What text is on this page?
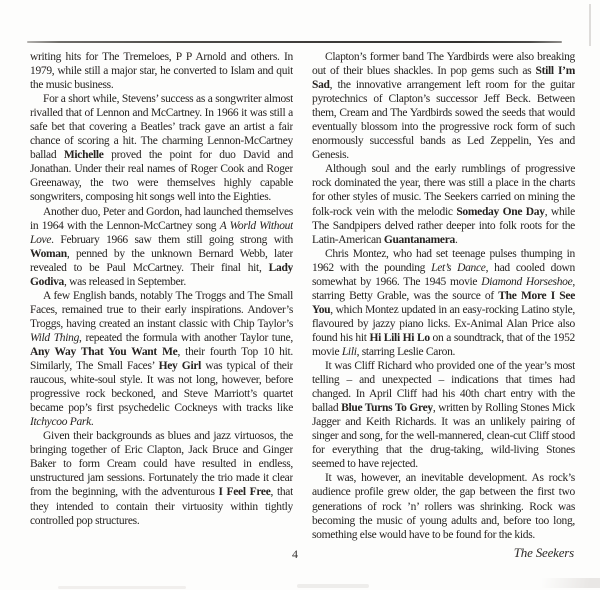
writing hits for The Tremeloes, P P Arnold and others. In 1979, while still a major star, he converted to Islam and quit the music business.

For a short while, Stevens’ success as a songwriter almost rivalled that of Lennon and McCartney. In 1966 it was still a safe bet that covering a Beatles’ track gave an artist a fair chance of scoring a hit. The charming Lennon-McCartney ballad Michelle proved the point for duo David and Jonathan. Under their real names of Roger Cook and Roger Greenaway, the two were themselves highly capable songwriters, composing hit songs well into the Eighties.

Another duo, Peter and Gordon, had launched themselves in 1964 with the Lennon-McCartney song A World Without Love. February 1966 saw them still going strong with Woman, penned by the unknown Bernard Webb, later revealed to be Paul McCartney. Their final hit, Lady Godiva, was released in September.

A few English bands, notably The Troggs and The Small Faces, remained true to their early inspirations. Andover’s Troggs, having created an instant classic with Chip Taylor’s Wild Thing, repeated the formula with another Taylor tune, Any Way That You Want Me, their fourth Top 10 hit. Similarly, The Small Faces’ Hey Girl was typical of their raucous, white-soul style. It was not long, however, before progressive rock beckoned, and Steve Marriott’s quartet became pop’s first psychedelic Cockneys with tracks like Itchycoo Park.

Given their backgrounds as blues and jazz virtuosos, the bringing together of Eric Clapton, Jack Bruce and Ginger Baker to form Cream could have resulted in endless, unstructured jam sessions. Fortunately the trio made it clear from the beginning, with the adventurous I Feel Free, that they intended to contain their virtuosity within tightly controlled pop structures.

Clapton’s former band The Yardbirds were also breaking out of their blues shackles. In pop gems such as Still I’m Sad, the innovative arrangement left room for the guitar pyrotechnics of Clapton’s successor Jeff Beck. Between them, Cream and The Yardbirds sowed the seeds that would eventually blossom into the progressive rock form of such enormously successful bands as Led Zeppelin, Yes and Genesis.

Although soul and the early rumblings of progressive rock dominated the year, there was still a place in the charts for other styles of music. The Seekers carried on mining the folk-rock vein with the melodic Someday One Day, while The Sandpipers delved rather deeper into folk roots for the Latin-American Guantanamera.

Chris Montez, who had set teenage pulses thumping in 1962 with the pounding Let’s Dance, had cooled down somewhat by 1966. The 1945 movie Diamond Horseshoe, starring Betty Grable, was the source of The More I See You, which Montez updated in an easy-rocking Latino style, flavoured by jazzy piano licks. Ex-Animal Alan Price also found his hit Hi Lili Hi Lo on a soundtrack, that of the 1952 movie Lili, starring Leslie Caron.

It was Cliff Richard who provided one of the year’s most telling – and unexpected – indications that times had changed. In April Cliff had his 40th chart entry with the ballad Blue Turns To Grey, written by Rolling Stones Mick Jagger and Keith Richards. It was an unlikely pairing of singer and song, for the well-mannered, clean-cut Cliff stood for everything that the drug-taking, wild-living Stones seemed to have rejected.

It was, however, an inevitable development. As rock’s audience profile grew older, the gap between the first two generations of rock ’n’ rollers was shrinking. Rock was becoming the music of young adults and, before too long, something else would have to be found for the kids.

4	The Seekers
